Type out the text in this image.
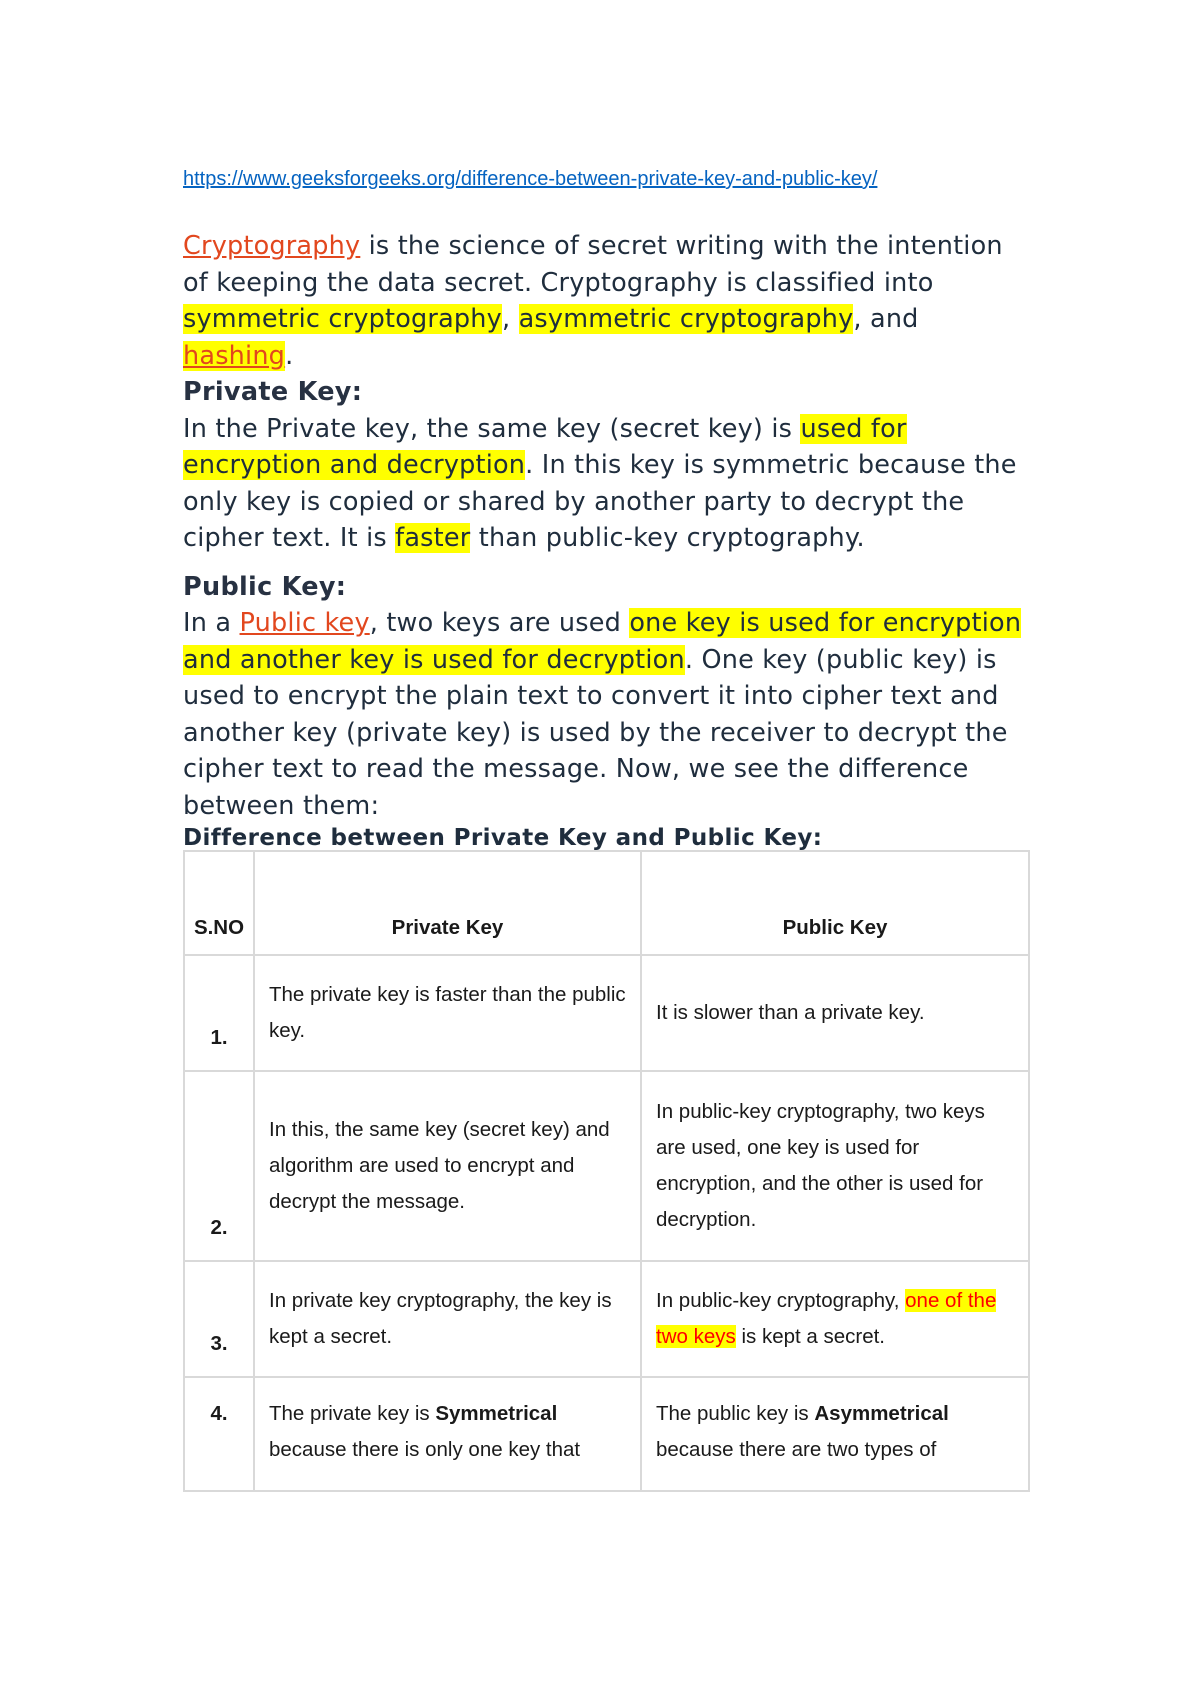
https://www.geeksforgeeks.org/difference-between-private-key-and-public-key/

Cryptography is the science of secret writing with the intention of keeping the data secret. Cryptography is classified into symmetric cryptography, asymmetric cryptography, and hashing.

Private Key:

In the Private key, the same key (secret key) is used for encryption and decryption. In this key is symmetric because the only key is copied or shared by another party to decrypt the cipher text. It is faster than public-key cryptography.

Public Key:

In a Public key, two keys are used one key is used for encryption and another key is used for decryption. One key (public key) is used to encrypt the plain text to convert it into cipher text and another key (private key) is used by the receiver to decrypt the cipher text to read the message. Now, we see the difference between them:

Difference between Private Key and Public Key:

S.NO	Private Key	Public Key
1.	The private key is faster than the public key.	It is slower than a private key.
2.	In this, the same key (secret key) and algorithm are used to encrypt and decrypt the message.	In public-key cryptography, two keys are used, one key is used for encryption, and the other is used for decryption.
3.	In private key cryptography, the key is kept a secret.	In public-key cryptography, one of the two keys is kept a secret.
4.	The private key is Symmetrical because there is only one key that	The public key is Asymmetrical because there are two types of
